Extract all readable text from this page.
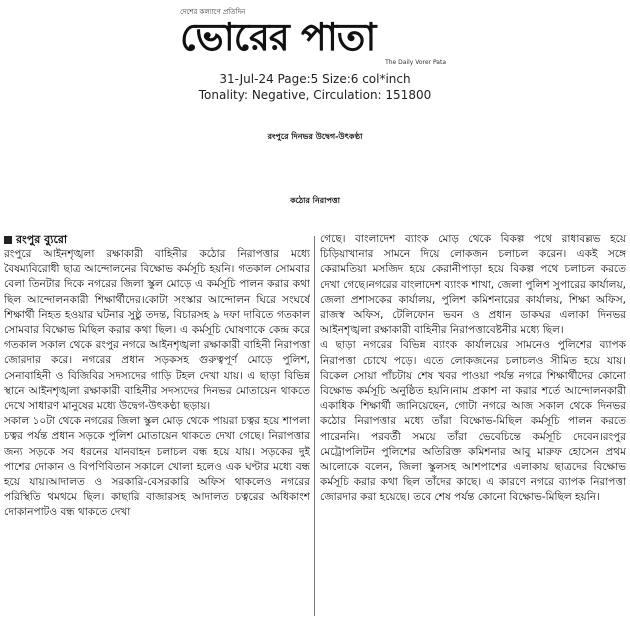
দেশের কল্যাণে প্রতিদিন
ভোরের পাতা
The Daily Vorer Pata
31-Jul-24 Page:5 Size:6 col*inch
Tonality: Negative, Circulation: 151800
রংপুরে দিনভর উদ্বেগ-উৎকণ্ঠা
কঠোর নিরাপত্তা
রংপুর ব্যুরো

রংপুরে আইনশৃঙ্খলা রক্ষাকারী বাহিনীর কঠোর নিরাপত্তার মধ্যে বৈষম্যবিরোধী ছাত্র আন্দোলনের বিক্ষোভ কর্মসূচি হয়নি। গতকাল সোমবার বেলা তিনটার দিকে নগরের জিলা স্কুল মোড়ে এ কর্মসূচি পালন করার কথা ছিল আন্দোলনকারী শিক্ষার্থীদের।কোটা সংস্কার আন্দোলন ঘিরে সংঘর্ষে শিক্ষার্থী নিহত হওয়ার ঘটনার সুষ্ঠু তদন্ত, বিচারসহ ৯ দফা দাবিতে গতকাল সোমবার বিক্ষোভ মিছিল করার কথা ছিল। এ কর্মসূচি ঘোষণাকে কেন্দ্র করে গতকাল সকাল থেকে রংপুর নগরে আইনশৃঙ্খলা রক্ষাকারী বাহিনী নিরাপত্তা জোরদার করে। নগরের প্রধান সড়কসহ গুরুত্বপূর্ণ মোড়ে পুলিশ, সেনাবাহিনী ও বিজিবির সদস্যদের গাড়ি টহল দেখা যায়। এ ছাড়া বিভিন্ন স্থানে আইনশৃঙ্খলা রক্ষাকারী বাহিনীর সদস্যদের দিনভর মোতায়েন থাকতে দেখে সাধারণ মানুষের মধ্যে উদ্বেগ-উৎকণ্ঠা ছড়ায়।

সকাল ১০টা থেকে নগরের জিলা স্কুল মোড় থেকে পায়রা চত্বর হয়ে শাপলা চত্বর পর্যন্ত প্রধান সড়কে পুলিশ মোতায়েন থাকতে দেখা গেছে। নিরাপত্তার জন্য সড়কে সব ধরনের যানবাহন চলাচল বন্ধ হয়ে যায়। সড়কের দুই পাশের দোকান ও বিপণিবিতান সকালে খোলা হলেও এক ঘণ্টার মধ্যে বন্ধ হয়ে যায়।আদালত ও সরকারি-বেসরকারি অফিস থাকলেও নগরের পরিস্থিতি থমথমে ছিল। কাছারি বাজারসহ আদালত চত্বরের অধিকাংশ দোকানপাটও বন্ধ থাকতে দেখা

গেছে। বাংলাদেশ ব্যাংক মোড় থেকে বিকল্প পথে রাধাবল্লভ হয়ে চিড়িয়াখানার সামনে দিয়ে লোকজন চলাচল করেন। একই সঙ্গে কেরামতিয়া মসজিদ হয়ে কেরানীপাড়া হয়ে বিকল্প পথে চলাচল করতে দেখা গেছে।নগরের বাংলাদেশ ব্যাংক শাখা, জেলা পুলিশ সুপারের কার্যালয়, জেলা প্রশাসকের কার্যালয়, পুলিশ কমিশনারের কার্যালয়, শিক্ষা অফিস, রাজস্ব অফিস, টেলিফোন ভবন ও প্রধান ডাকঘর এলাকা দিনভর আইনশৃঙ্খলা রক্ষাকারী বাহিনীর নিরাপত্তাবেষ্টনীর মধ্যে ছিল।

এ ছাড়া নগরের বিভিন্ন ব্যাংক কার্যালয়ের সামনেও পুলিশের ব্যাপক নিরাপত্তা চোখে পড়ে। এতে লোকজনের চলাচলও সীমিত হয়ে যায়। বিকেল সোয়া পাঁচটায় শেষ খবর পাওয়া পর্যন্ত নগরে শিক্ষার্থীদের কোনো বিক্ষোভ কর্মসূচি অনুষ্ঠিত হয়নি।নাম প্রকাশ না করার শর্তে আন্দোলনকারী একাধিক শিক্ষার্থী জানিয়েছেন, গোটা নগরে আজ সকাল থেকে দিনভর কঠোর নিরাপত্তার মধ্যে তাঁরা বিক্ষোভ-মিছিল কর্মসূচি পালন করতে পারেননি। পরবর্তী সময়ে তাঁরা ভেবেচিন্তে কর্মসূচি দেবেন।রংপুর মেট্রোপলিটন পুলিশের অতিরিক্ত কমিশনার আবু মারুফ হোসেন প্রথম আলোকে বলেন, জিলা স্কুলসহ আশপাশের এলাকায় ছাত্রদের বিক্ষোভ কর্মসূচি করার কথা ছিল তাঁদের কাছে। এ কারণে নগরে ব্যাপক নিরাপত্তা জোরদার করা হয়েছে। তবে শেষ পর্যন্ত কোনো বিক্ষোভ-মিছিল হয়নি।
